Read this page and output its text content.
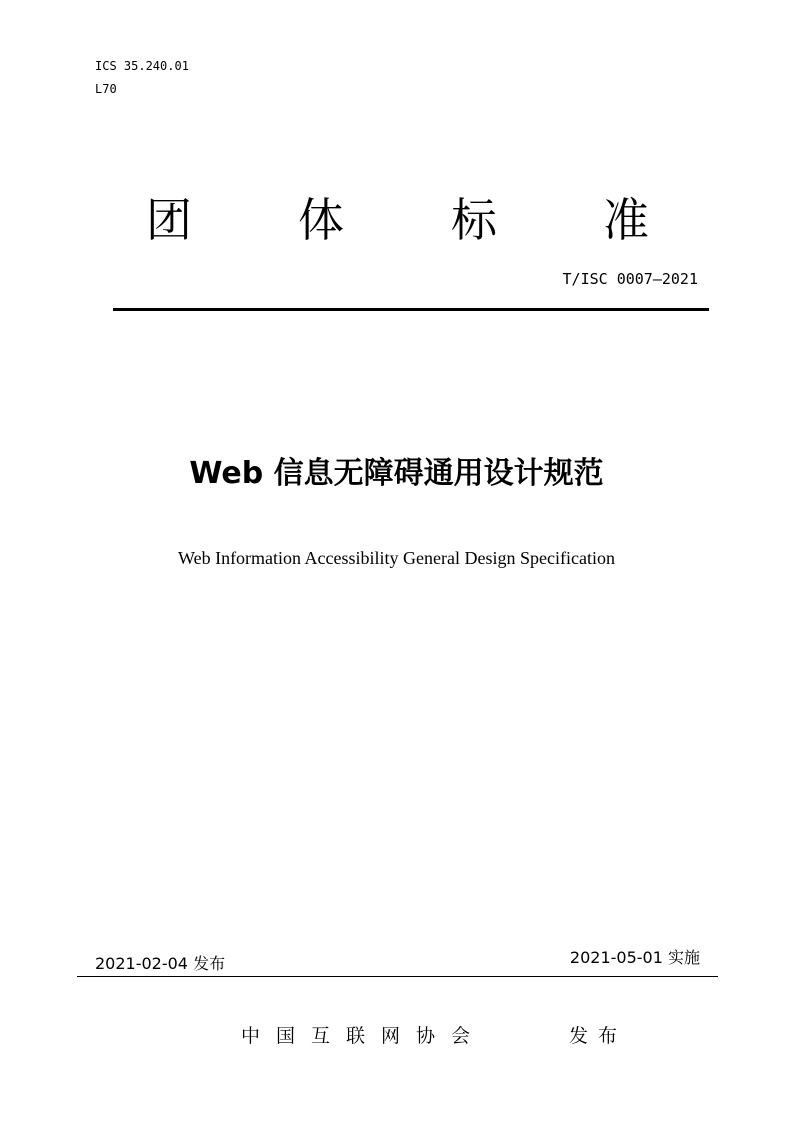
ICS 35.240.01
L70
团 体 标 准
T/ISC 0007—2021
Web 信息无障碍通用设计规范
Web Information Accessibility General Design Specification
2021-02-04 发布	2021-05-01 实施
中国互联网协会	发布
